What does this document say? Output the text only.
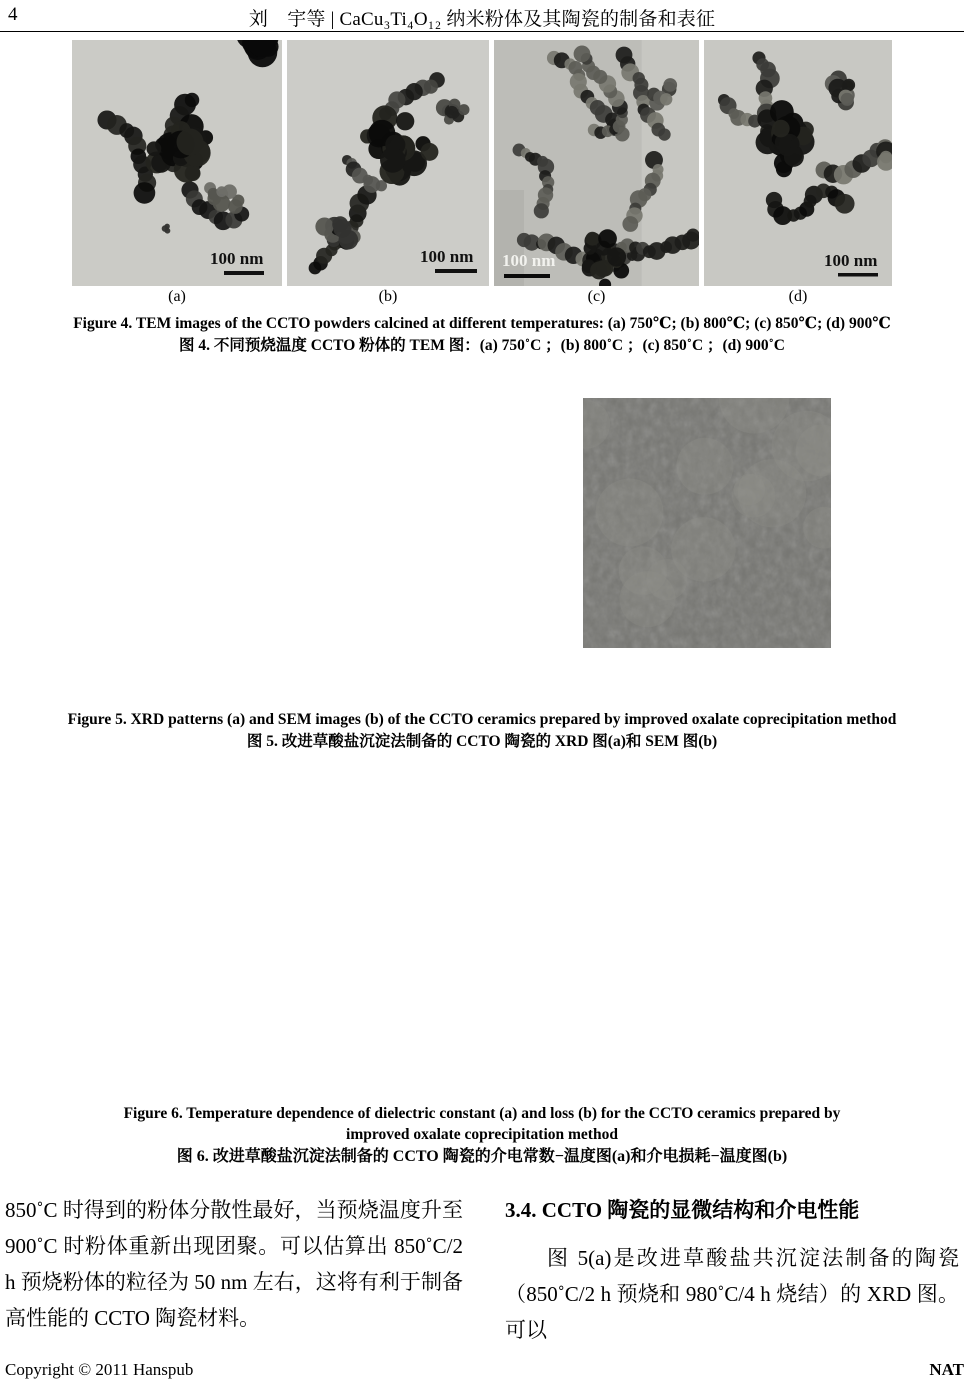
4	刘　宇等 | CaCu₃Ti₄O₁₂ 纳米粉体及其陶瓷的制备和表征
100 nm	100 nm 100 nm	100 nm
(a)	(b)	(c)	(d)
Figure 4. TEM images of the CCTO powders calcined at different temperatures: (a) 750℃; (b) 800℃; (c) 850℃; (d) 900℃
图 4. 不同预烧温度 CCTO 粉体的 TEM 图：(a) 750˚C ；(b) 800˚C ；(c) 850˚C ；(d) 900˚C
Figure 5. XRD patterns (a) and SEM images (b) of the CCTO ceramics prepared by improved oxalate coprecipitation method
图 5. 改进草酸盐沉淀法制备的 CCTO 陶瓷的 XRD 图(a)和 SEM 图(b)
Figure 6. Temperature dependence of dielectric constant (a) and loss (b) for the CCTO ceramics prepared by
improved oxalate coprecipitation method
图 6. 改进草酸盐沉淀法制备的 CCTO 陶瓷的介电常数−温度图(a)和介电损耗−温度图(b)
850˚C 时得到的粉体分散性最好，当预烧温度升至 900˚C 时粉体重新出现团聚。可以估算出 850˚C/2 h 预烧粉体的粒径为 50 nm 左右，这将有利于制备高性能的 CCTO 陶瓷材料。
3.4. CCTO 陶瓷的显微结构和介电性能

图 5(a)是改进草酸盐共沉淀法制备的陶瓷（850˚C/2 h 预烧和 980˚C/4 h 烧结）的 XRD 图。可以

Copyright © 2011 Hanspub	NAT
